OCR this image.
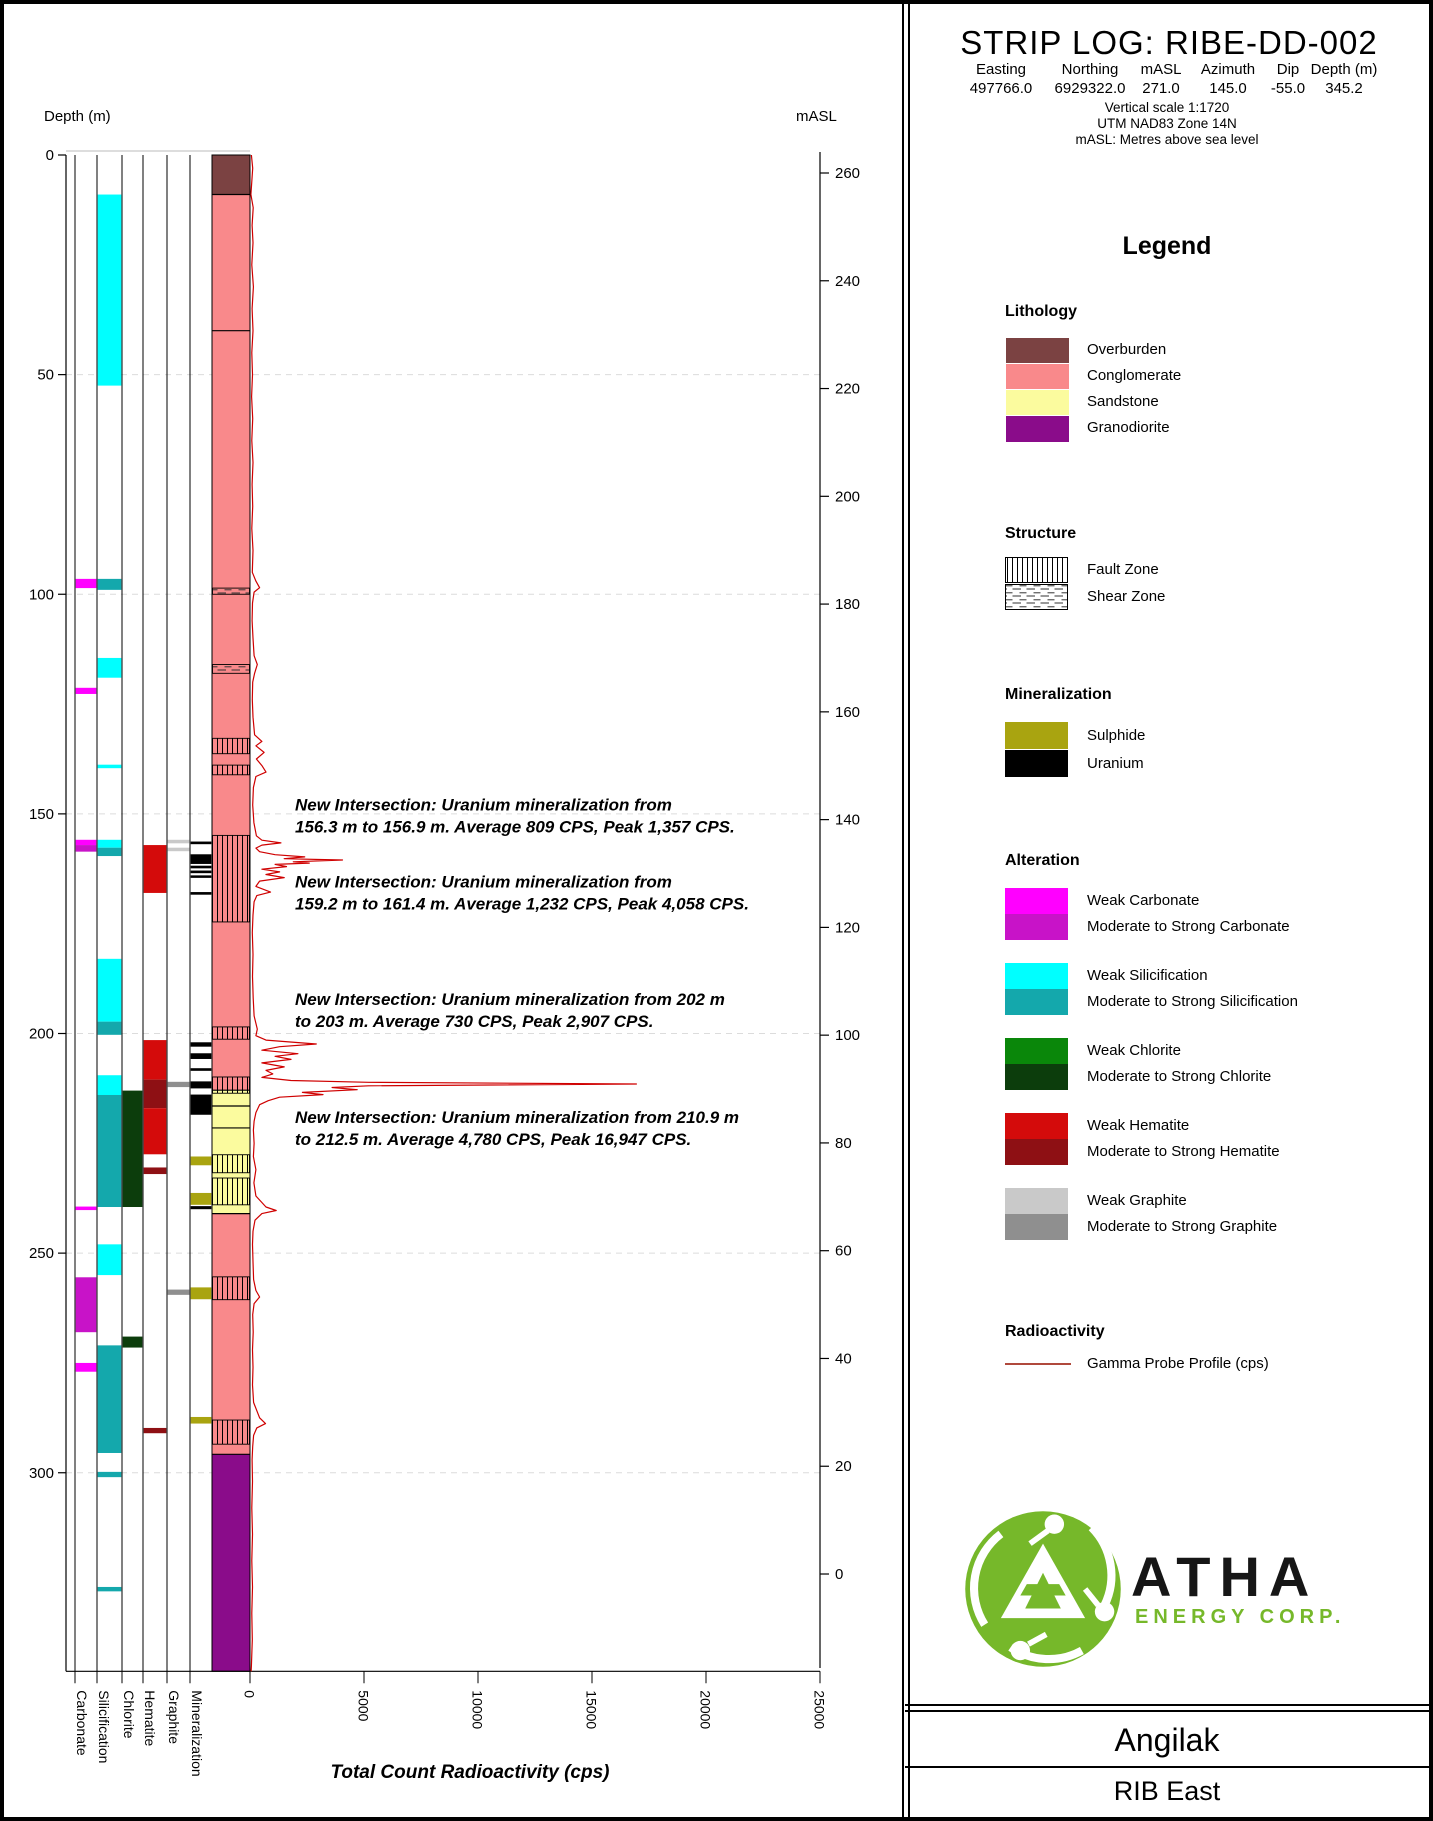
0
50
100
150
200
250
300
Depth (m)
Carbonate Silicification Chlorite Hematite Graphite Mineralization	0	5000	10000	15000	20000	25000
Total Count Radioactivity (cps)
260
240
220
200
180
160
140
120
100
80
60
40
20
0
mASL
New Intersection: Uranium mineralization from 156.3 m to 156.9 m. Average 809 CPS, Peak 1,357 CPS.
New Intersection: Uranium mineralization from 159.2 m to 161.4 m. Average 1,232 CPS, Peak 4,058 CPS.
New Intersection: Uranium mineralization from 202 m to 203 m. Average 730 CPS, Peak 2,907 CPS.
New Intersection: Uranium mineralization from 210.9 m to 212.5 m. Average 4,780 CPS, Peak 16,947 CPS.
STRIP LOG: RIBE-DD-002
Easting Northing mASL Azimuth Dip Depth (m)
497766.0 6929322.0 271.0 145.0 -55.0 345.2
Vertical scale 1:1720
UTM NAD83 Zone 14N
mASL: Metres above sea level
Legend
Lithology
Overburden
Conglomerate
Sandstone
Granodiorite
Structure
Fault Zone
Shear Zone
Mineralization
Sulphide
Uranium
Alteration
Weak Carbonate
Moderate to Strong Carbonate
Weak Silicification
Moderate to Strong Silicification
Weak Chlorite
Moderate to Strong Chlorite
Weak Hematite
Moderate to Strong Hematite
Weak Graphite
Moderate to Strong Graphite
Radioactivity
Gamma Probe Profile (cps)
ATHA
ENERGY CORP.
Angilak
RIB East
